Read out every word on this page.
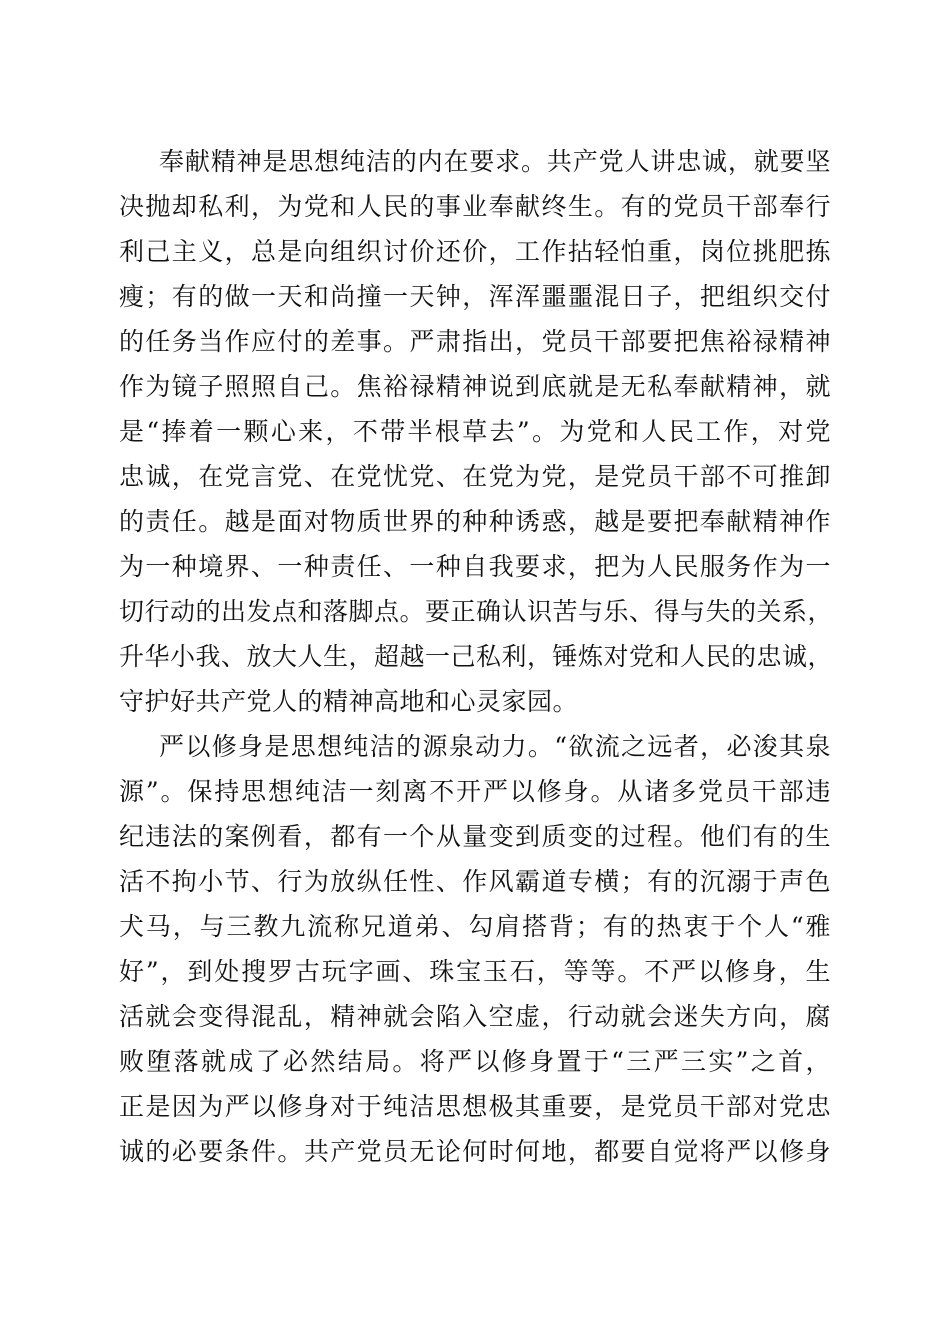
奉献精神是思想纯洁的内在要求。共产党人讲忠诚，就要坚
决抛却私利，为党和人民的事业奉献终生。有的党员干部奉行
利己主义，总是向组织讨价还价，工作拈轻怕重，岗位挑肥拣
瘦；有的做一天和尚撞一天钟，浑浑噩噩混日子，把组织交付
的任务当作应付的差事。严肃指出，党员干部要把焦裕禄精神
作为镜子照照自己。焦裕禄精神说到底就是无私奉献精神，就
是“捧着一颗心来，不带半根草去”。为党和人民工作，对党
忠诚，在党言党、在党忧党、在党为党，是党员干部不可推卸
的责任。越是面对物质世界的种种诱惑，越是要把奉献精神作
为一种境界、一种责任、一种自我要求，把为人民服务作为一
切行动的出发点和落脚点。要正确认识苦与乐、得与失的关系，
升华小我、放大人生，超越一己私利，锤炼对党和人民的忠诚，
守护好共产党人的精神高地和心灵家园。
严以修身是思想纯洁的源泉动力。“欲流之远者，必浚其泉
源”。保持思想纯洁一刻离不开严以修身。从诸多党员干部违
纪违法的案例看，都有一个从量变到质变的过程。他们有的生
活不拘小节、行为放纵任性、作风霸道专横；有的沉溺于声色
犬马，与三教九流称兄道弟、勾肩搭背；有的热衷于个人“雅
好”，到处搜罗古玩字画、珠宝玉石，等等。不严以修身，生
活就会变得混乱，精神就会陷入空虚，行动就会迷失方向，腐
败堕落就成了必然结局。将严以修身置于“三严三实”之首，
正是因为严以修身对于纯洁思想极其重要，是党员干部对党忠
诚的必要条件。共产党员无论何时何地，都要自觉将严以修身
